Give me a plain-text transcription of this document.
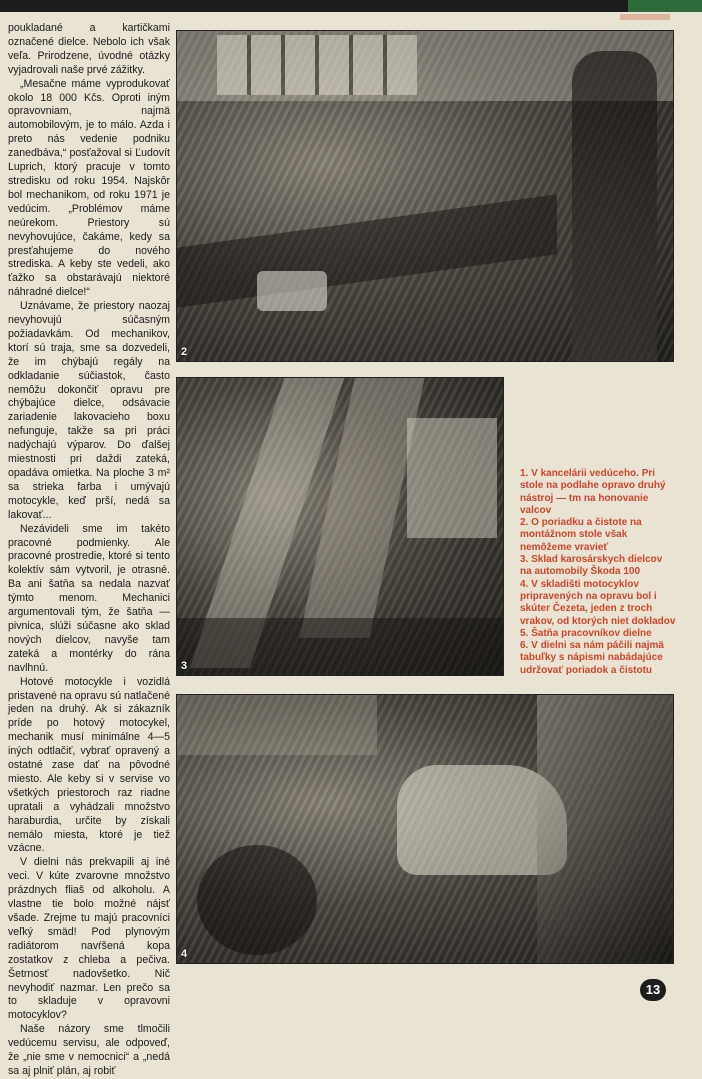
poukladané a kartičkami označené dielce. Nebolo ich však veľa. Prirodzene, úvodné otázky vyjadrovali naše prvé zážitky.

„Mesačne máme vyprodukovať okolo 18 000 Kčs. Oproti iným opravovniam, najmä automobilovým, je to málo. Azda i preto nás vedenie podniku zanedbáva,“ posťažoval si Ľudovít Luprich, ktorý pracuje v tomto stredisku od roku 1954. Najskôr bol mechanikom, od roku 1971 je vedúcim. „Problémov máme neúrekom. Priestory sú nevyhovujúce, čakáme, kedy sa presťahujeme do nového strediska. A keby ste vedeli, ako ťažko sa obstarávajú niektoré náhradné dielce!“

Uznávame, že priestory naozaj nevyhovujú súčasným požiadavkám. Od mechanikov, ktorí sú traja, sme sa dozvedeli, že im chýbajú regály na odkladanie súčiastok, často nemôžu dokončiť opravu pre chýbajúce dielce, odsávacie zariadenie lakovacieho boxu nefunguje, takže sa pri práci nadýchajú výparov. Do ďalšej miestnosti pri daždi zateká, opadáva omietka. Na ploche 3 m² sa strieka farba i umývajú motocykle, keď prší, nedá sa lakovať...

Nezávideli sme im takéto pracovné podmienky. Ale pracovné prostredie, ktoré si tento kolektív sám vytvoril, je otrasné. Ba ani šatňa sa nedala nazvať týmto menom. Mechanici argumentovali tým, že šatňa — pivnica, slúži súčasne ako sklad nových dielcov, navyše tam zateká a montérky do rána navlhnú.

Hotové motocykle i vozidlá pristavené na opravu sú natlačené jeden na druhý. Ak si zákazník príde po hotový motocykel, mechanik musí minimálne 4—5 iných odtlačiť, vybrať opravený a ostatné zase dať na pôvodné miesto. Ale keby si v servise vo všetkých priestoroch raz riadne upratali a vyhádzali množstvo haraburdia, určite by získali nemálo miesta, ktoré je tiež vzácne.

V dielni nás prekvapili aj iné veci. V kúte zvarovne množstvo prázdnych fliaš od alkoholu. A vlastne tie bolo možné nájsť všade. Zrejme tu majú pracovníci veľký smäd! Pod plynovým radiátorom navŕšená kopa zostatkov z chleba a pečiva. Šetrnosť nadovšetko. Nič nevyhodiť nazmar. Len prečo sa to skladuje v opravovni motocyklov?

Naše názory sme tlmočili vedúcemu servisu, ale odpoveď, že „nie sme v nemocnici“ a „nedá sa aj plniť plán, aj robiť

2
3
4

1. V kancelárii vedúceho. Pri stole na podlahe opravo druhý nástroj — tm na honovanie valcov

2. O poriadku a čistote na montážnom stole však nemôžeme vravieť

3. Sklad karosárskych dielcov na automobily Škoda 100

4. V skladišti motocyklov pripravených na opravu bol i skúter Čezeta, jeden z troch vrakov, od ktorých niet dokladov

5. Šatňa pracovníkov dielne

6. V dielni sa nám páčili najmä tabuľky s nápismi nabádajúce udržovať poriadok a čistotu

13
